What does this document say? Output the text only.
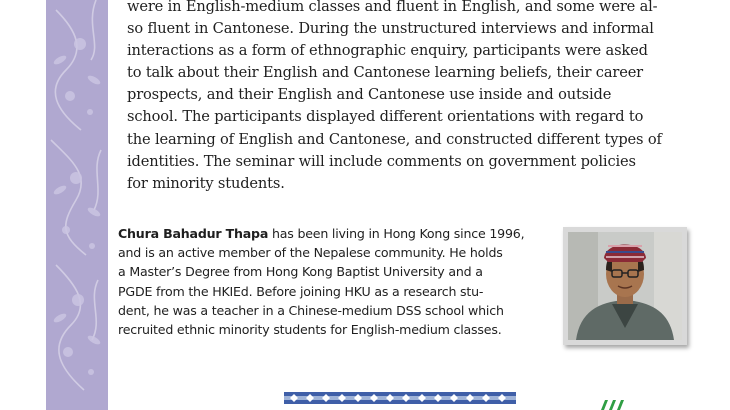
were in English-medium classes and fluent in English, and some were al-
so fluent in Cantonese. During the unstructured interviews and informal
interactions as a form of ethnographic enquiry, participants were asked
to talk about their English and Cantonese learning beliefs, their career
prospects, and their English and Cantonese use inside and outside
school. The participants displayed different orientations with regard to
the learning of English and Cantonese, and constructed different types of
identities. The seminar will include comments on government policies
for minority students.
Chura Bahadur Thapa has been living in Hong Kong since 1996,
and is an active member of the Nepalese community. He holds
a Master’s Degree from Hong Kong Baptist University and a
PGDE from the HKIEd. Before joining HKU as a research stu-
dent, he was a teacher in a Chinese-medium DSS school which
recruited ethnic minority students for English-medium classes.
